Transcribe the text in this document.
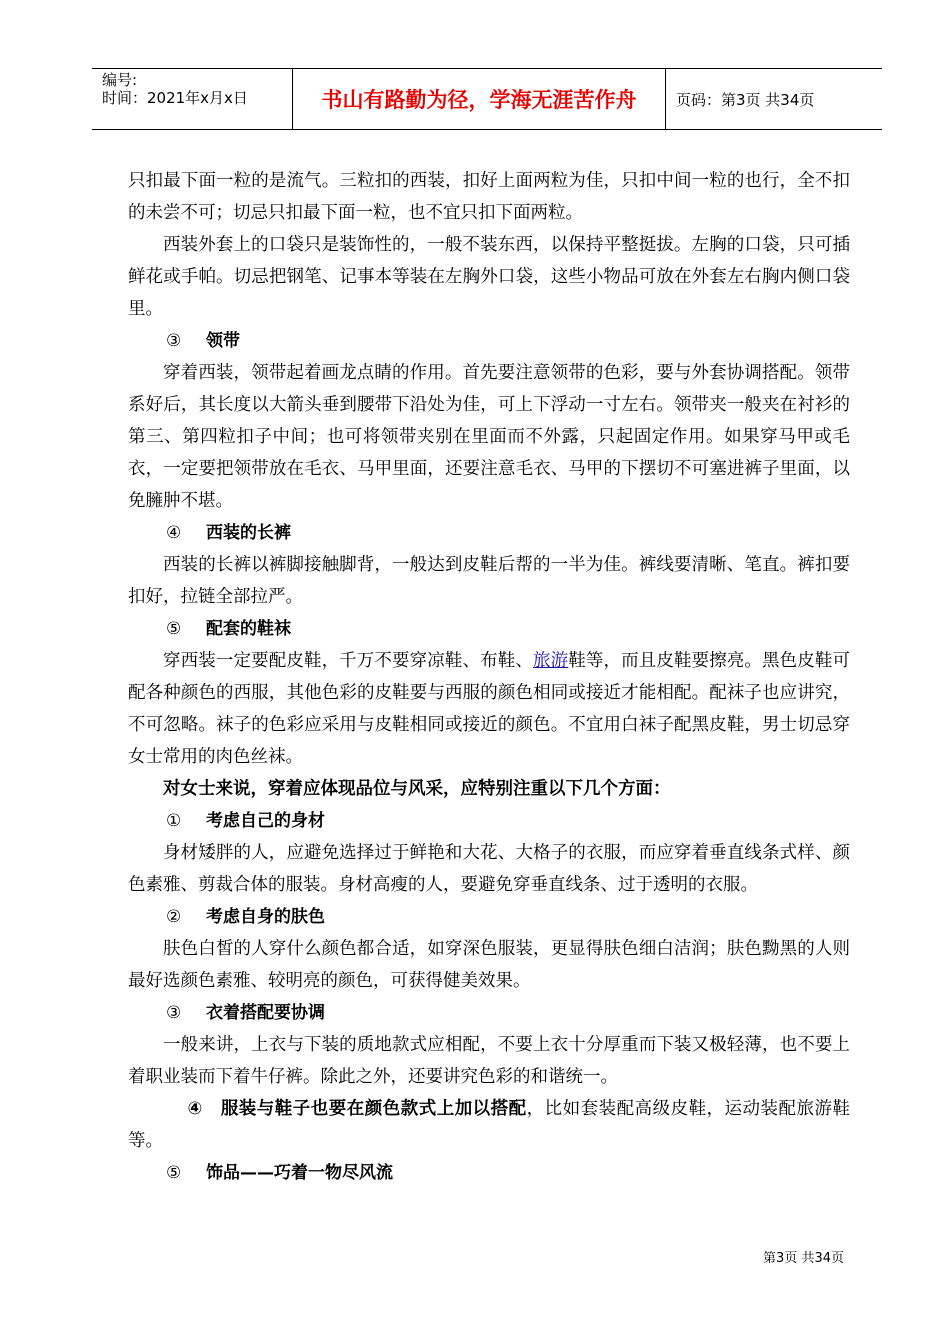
编号:
时间：2021年x月x日	书山有路勤为径，学海无涯苦作舟	页码：第3页 共34页

只扣最下面一粒的是流气。三粒扣的西装，扣好上面两粒为佳，只扣中间一粒的也行，全不扣的未尝不可；切忌只扣最下面一粒，也不宜只扣下面两粒。

西装外套上的口袋只是装饰性的，一般不装东西，以保持平整挺拔。左胸的口袋，只可插鲜花或手帕。切忌把钢笔、记事本等装在左胸外口袋，这些小物品可放在外套左右胸内侧口袋里。

③ 领带

穿着西装，领带起着画龙点睛的作用。首先要注意领带的色彩，要与外套协调搭配。领带系好后，其长度以大箭头垂到腰带下沿处为佳，可上下浮动一寸左右。领带夹一般夹在衬衫的第三、第四粒扣子中间；也可将领带夹别在里面而不外露，只起固定作用。如果穿马甲或毛衣，一定要把领带放在毛衣、马甲里面，还要注意毛衣、马甲的下摆切不可塞进裤子里面，以免臃肿不堪。

④ 西装的长裤

西装的长裤以裤脚接触脚背，一般达到皮鞋后帮的一半为佳。裤线要清晰、笔直。裤扣要扣好，拉链全部拉严。

⑤ 配套的鞋袜

穿西装一定要配皮鞋，千万不要穿凉鞋、布鞋、旅游鞋等，而且皮鞋要擦亮。黑色皮鞋可配各种颜色的西服，其他色彩的皮鞋要与西服的颜色相同或接近才能相配。配袜子也应讲究，不可忽略。袜子的色彩应采用与皮鞋相同或接近的颜色。不宜用白袜子配黑皮鞋，男士切忌穿女士常用的肉色丝袜。

对女士来说，穿着应体现品位与风采，应特别注重以下几个方面：

① 考虑自己的身材

身材矮胖的人，应避免选择过于鲜艳和大花、大格子的衣服，而应穿着垂直线条式样、颜色素雅、剪裁合体的服装。身材高瘦的人，要避免穿垂直线条、过于透明的衣服。

② 考虑自身的肤色

肤色白皙的人穿什么颜色都合适，如穿深色服装，更显得肤色细白洁润；肤色黝黑的人则最好选颜色素雅、较明亮的颜色，可获得健美效果。

③ 衣着搭配要协调

一般来讲，上衣与下装的质地款式应相配，不要上衣十分厚重而下装又极轻薄，也不要上着职业装而下着牛仔裤。除此之外，还要讲究色彩的和谐统一。

④ 服装与鞋子也要在颜色款式上加以搭配，比如套装配高级皮鞋，运动装配旅游鞋等。

⑤ 饰品——巧着一物尽风流

第3页 共34页
